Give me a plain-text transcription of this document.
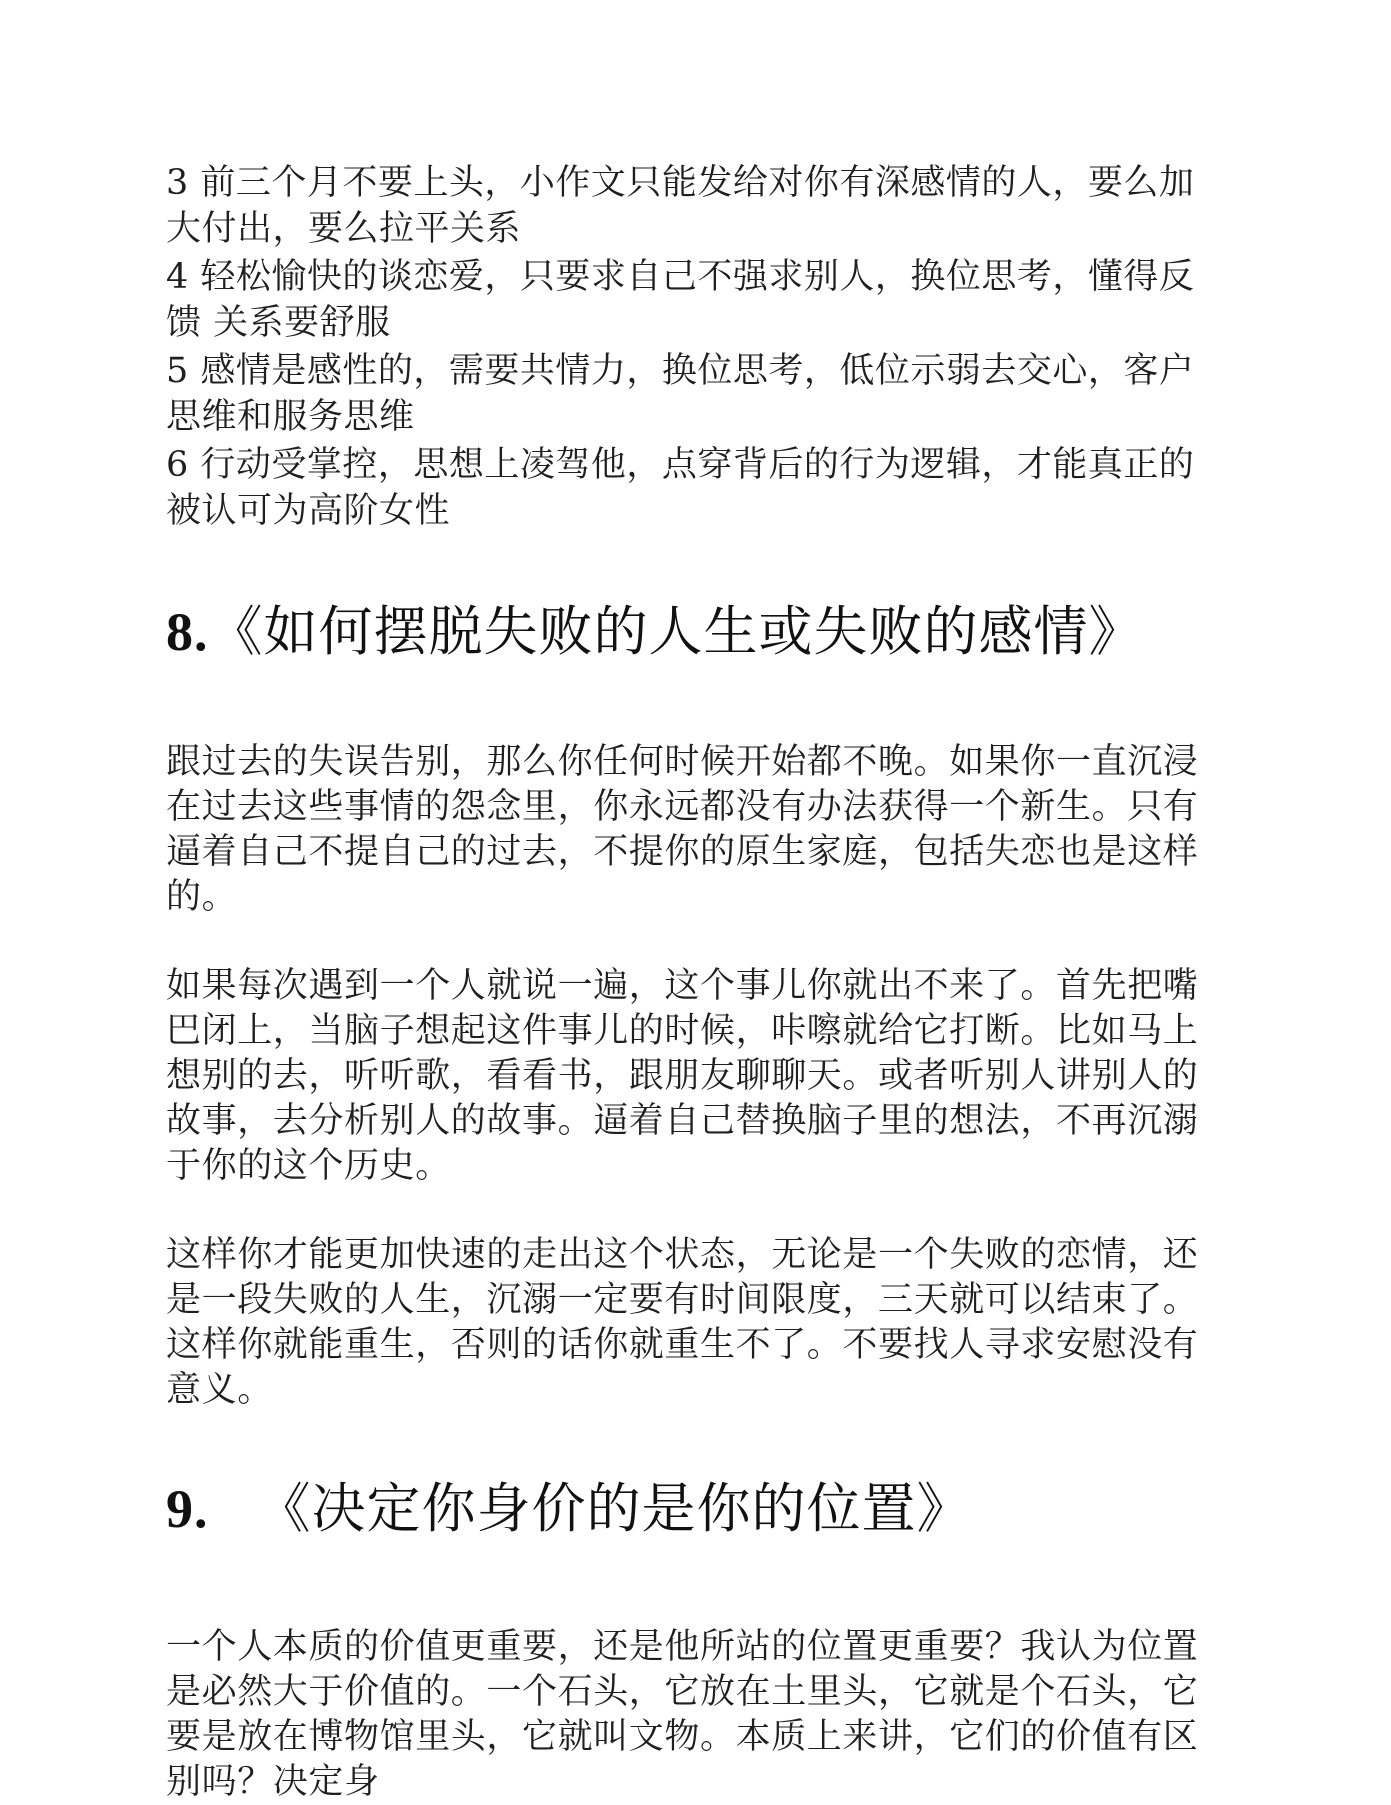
3 前三个月不要上头，小作文只能发给对你有深感情的人，要么加大付出，要么拉平关系

4 轻松愉快的谈恋爱，只要求自己不强求别人，换位思考，懂得反馈 关系要舒服

5 感情是感性的，需要共情力，换位思考，低位示弱去交心，客户思维和服务思维

6 行动受掌控，思想上凌驾他，点穿背后的行为逻辑，才能真正的被认可为高阶女性

8.《如何摆脱失败的人生或失败的感情》

跟过去的失误告别，那么你任何时候开始都不晚。如果你一直沉浸在过去这些事情的怨念里，你永远都没有办法获得一个新生。只有逼着自己不提自己的过去，不提你的原生家庭，包括失恋也是这样的。

如果每次遇到一个人就说一遍，这个事儿你就出不来了。首先把嘴巴闭上，当脑子想起这件事儿的时候，咔嚓就给它打断。比如马上想别的去，听听歌，看看书，跟朋友聊聊天。或者听别人讲别人的故事，去分析别人的故事。逼着自己替换脑子里的想法，不再沉溺于你的这个历史。

这样你才能更加快速的走出这个状态，无论是一个失败的恋情，还是一段失败的人生，沉溺一定要有时间限度，三天就可以结束了。这样你就能重生，否则的话你就重生不了。不要找人寻求安慰没有意义。

9. 《决定你身价的是你的位置》

一个人本质的价值更重要，还是他所站的位置更重要？我认为位置是必然大于价值的。一个石头，它放在土里头，它就是个石头，它要是放在博物馆里头，它就叫文物。本质上来讲，它们的价值有区别吗？决定身
